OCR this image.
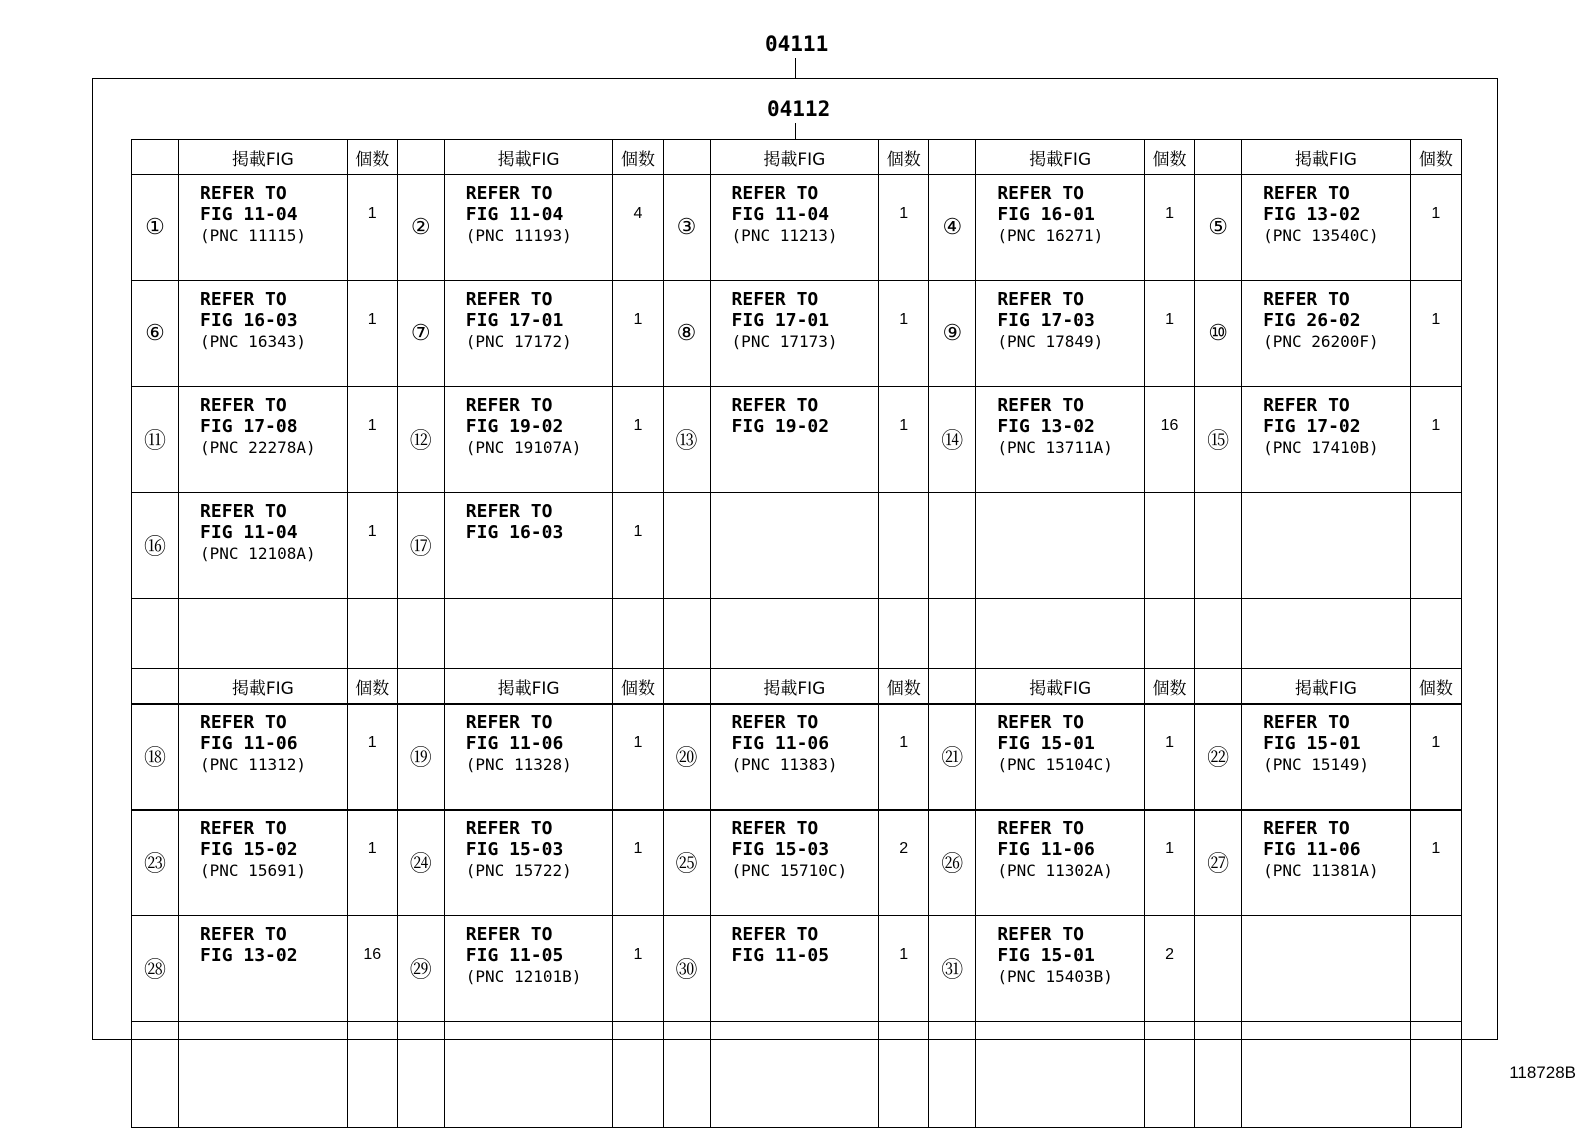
04111
04112
	掲載FIG	個数		掲載FIG	個数		掲載FIG	個数		掲載FIG	個数		掲載FIG	個数
①	REFER TO
FIG 11-04
(PNC 11115)	1	②	REFER TO
FIG 11-04
(PNC 11193)	4	③	REFER TO
FIG 11-04
(PNC 11213)	1	④	REFER TO
FIG 16-01
(PNC 16271)	1	⑤	REFER TO
FIG 13-02
(PNC 13540C)	1
⑥	REFER TO
FIG 16-03
(PNC 16343)	1	⑦	REFER TO
FIG 17-01
(PNC 17172)	1	⑧	REFER TO
FIG 17-01
(PNC 17173)	1	⑨	REFER TO
FIG 17-03
(PNC 17849)	1	⑩	REFER TO
FIG 26-02
(PNC 26200F)	1
⑪	REFER TO
FIG 17-08
(PNC 22278A)	1	⑫	REFER TO
FIG 19-02
(PNC 19107A)	1	⑬	REFER TO
FIG 19-02	1	⑭	REFER TO
FIG 13-02
(PNC 13711A)	16	⑮	REFER TO
FIG 17-02
(PNC 17410B)	1
⑯	REFER TO
FIG 11-04
(PNC 12108A)	1	⑰	REFER TO
FIG 16-03	1		

	掲載FIG	個数		掲載FIG	個数		掲載FIG	個数		掲載FIG	個数		掲載FIG	個数
⑱	REFER TO
FIG 11-06
(PNC 11312)	1	⑲	REFER TO
FIG 11-06
(PNC 11328)	1	⑳	REFER TO
FIG 11-06
(PNC 11383)	1	㉑	REFER TO
FIG 15-01
(PNC 15104C)	1	㉒	REFER TO
FIG 15-01
(PNC 15149)	1
㉓	REFER TO
FIG 15-02
(PNC 15691)	1	㉔	REFER TO
FIG 15-03
(PNC 15722)	1	㉕	REFER TO
FIG 15-03
(PNC 15710C)	2	㉖	REFER TO
FIG 11-06
(PNC 11302A)	1	㉗	REFER TO
FIG 11-06
(PNC 11381A)	1
㉘	REFER TO
FIG 13-02	16	㉙	REFER TO
FIG 11-05
(PNC 12101B)	1	㉚	REFER TO
FIG 11-05	1	㉛	REFER TO
FIG 15-01
(PNC 15403B)	2		

118728B
